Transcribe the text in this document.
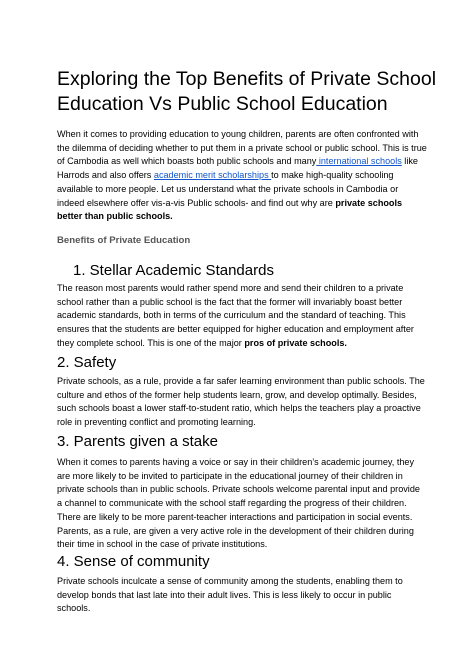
Exploring the Top Benefits of Private School
Education Vs Public School Education

When it comes to providing education to young children, parents are often confronted with the dilemma of deciding whether to put them in a private school or public school. This is true of Cambodia as well which boasts both public schools and many international schools like Harrods and also offers academic merit scholarships to make high-quality schooling available to more people. Let us understand what the private schools in Cambodia or indeed elsewhere offer vis-a-vis Public schools- and find out why are private schools better than public schools.

Benefits of Private Education
1. Stellar Academic Standards

The reason most parents would rather spend more and send their children to a private school rather than a public school is the fact that the former will invariably boast better academic standards, both in terms of the curriculum and the standard of teaching. This ensures that the students are better equipped for higher education and employment after they complete school. This is one of the major pros of private schools.

2. Safety
Private schools, as a rule, provide a far safer learning environment than public schools. The culture and ethos of the former help students learn, grow, and develop optimally. Besides, such schools boast a lower staff-to-student ratio, which helps the teachers play a proactive role in preventing conflict and promoting learning.
3. Parents given a stake
When it comes to parents having a voice or say in their children’s academic journey, they are more likely to be invited to participate in the educational journey of their children in private schools than in public schools. Private schools welcome parental input and provide a channel to communicate with the school staff regarding the progress of their children. There are likely to be more parent-teacher interactions and participation in social events. Parents, as a rule, are given a very active role in the development of their children during their time in school in the case of private institutions.
4. Sense of community
Private schools inculcate a sense of community among the students, enabling them to develop bonds that last late into their adult lives. This is less likely to occur in public schools.
